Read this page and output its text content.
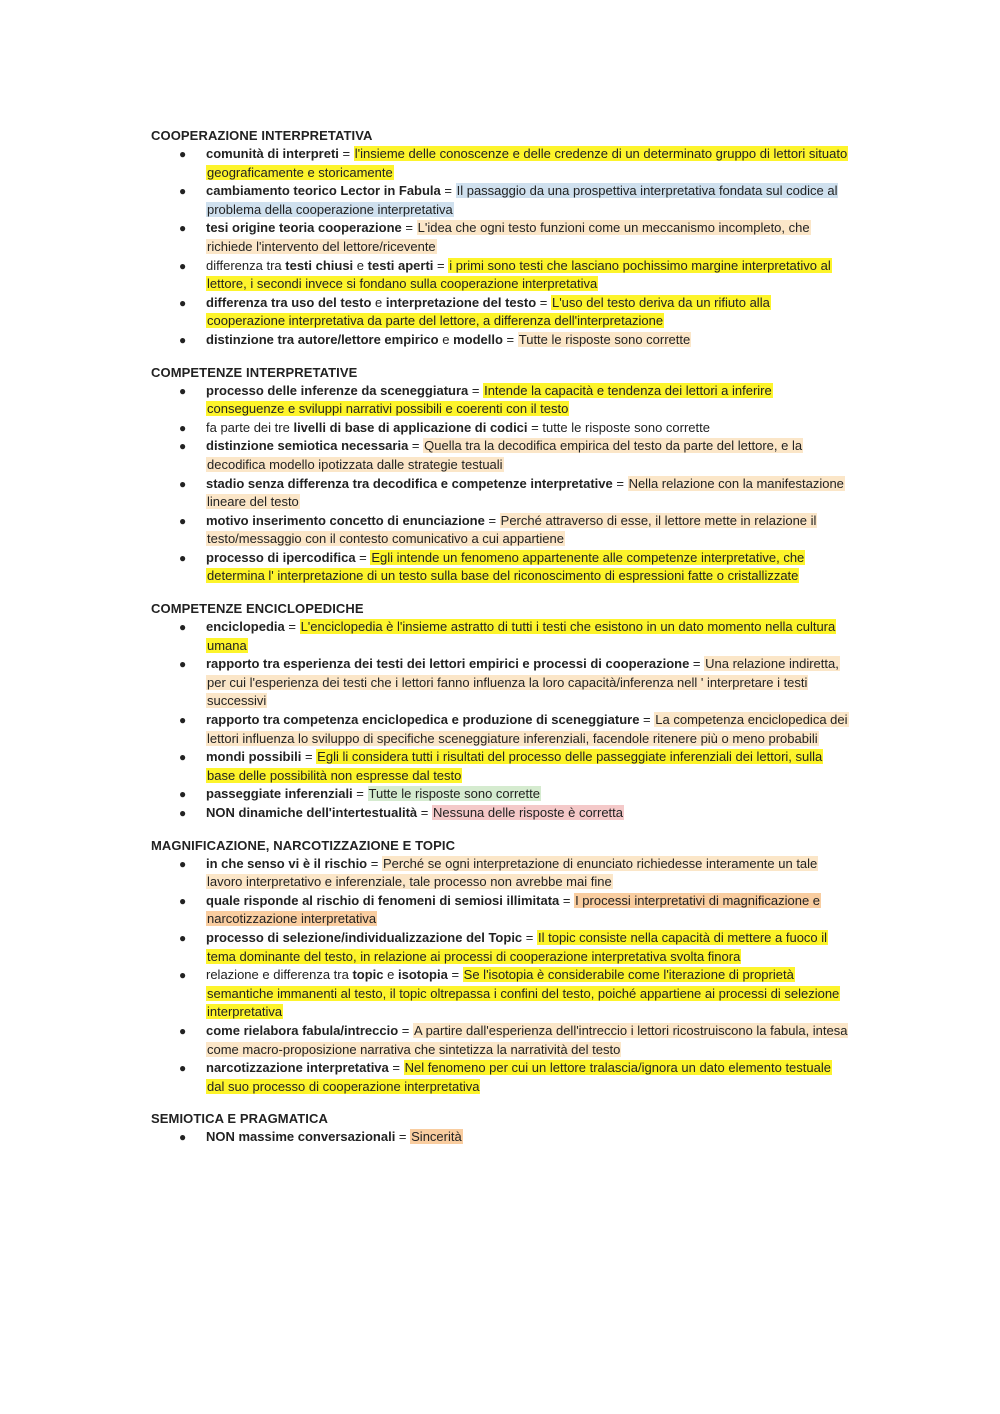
COOPERAZIONE INTERPRETATIVA
● comunità di interpreti = l'insieme delle conoscenze e delle credenze di un determinato gruppo di lettori situato geograficamente e storicamente
● cambiamento teorico Lector in Fabula = Il passaggio da una prospettiva interpretativa fondata sul codice al problema della cooperazione interpretativa
● tesi origine teoria cooperazione = L'idea che ogni testo funzioni come un meccanismo incompleto, che richiede l'intervento del lettore/ricevente
● differenza tra testi chiusi e testi aperti = i primi sono testi che lasciano pochissimo margine interpretativo al lettore, i secondi invece si fondano sulla cooperazione interpretativa
● differenza tra uso del testo e interpretazione del testo = L'uso del testo deriva da un rifiuto alla cooperazione interpretativa da parte del lettore, a differenza dell'interpretazione
● distinzione tra autore/lettore empirico e modello = Tutte le risposte sono corrette
COMPETENZE INTERPRETATIVE
● processo delle inferenze da sceneggiatura = Intende la capacità e tendenza dei lettori a inferire conseguenze e sviluppi narrativi possibili e coerenti con il testo
● fa parte dei tre livelli di base di applicazione di codici = tutte le risposte sono corrette
● distinzione semiotica necessaria = Quella tra la decodifica empirica del testo da parte del lettore, e la decodifica modello ipotizzata dalle strategie testuali
● stadio senza differenza tra decodifica e competenze interpretative = Nella relazione con la manifestazione lineare del testo
● motivo inserimento concetto di enunciazione = Perché attraverso di esse, il lettore mette in relazione il testo/messaggio con il contesto comunicativo a cui appartiene
● processo di ipercodifica = Egli intende un fenomeno appartenente alle competenze interpretative, che determina l' interpretazione di un testo sulla base del riconoscimento di espressioni fatte o cristallizzate
COMPETENZE ENCICLOPEDICHE
● enciclopedia = L'enciclopedia è l'insieme astratto di tutti i testi che esistono in un dato momento nella cultura umana
● rapporto tra esperienza dei testi dei lettori empirici e processi di cooperazione = Una relazione indiretta, per cui l'esperienza dei testi che i lettori fanno influenza la loro capacità/inferenza nell ' interpretare i testi successivi
● rapporto tra competenza enciclopedica e produzione di sceneggiature = La competenza enciclopedica dei lettori influenza lo sviluppo di specifiche sceneggiature inferenziali, facendole ritenere più o meno probabili
● mondi possibili = Egli li considera tutti i risultati del processo delle passeggiate inferenziali dei lettori, sulla base delle possibilità non espresse dal testo
● passeggiate inferenziali = Tutte le risposte sono corrette
● NON dinamiche dell'intertestualità = Nessuna delle risposte è corretta
MAGNIFICAZIONE, NARCOTIZZAZIONE E TOPIC
● in che senso vi è il rischio = Perché se ogni interpretazione di enunciato richiedesse interamente un tale lavoro interpretativo e inferenziale, tale processo non avrebbe mai fine
● quale risponde al rischio di fenomeni di semiosi illimitata = I processi interpretativi di magnificazione e narcotizzazione interpretativa
● processo di selezione/individualizzazione del Topic = Il topic consiste nella capacità di mettere a fuoco il tema dominante del testo, in relazione ai processi di cooperazione interpretativa svolta finora
● relazione e differenza tra topic e isotopia = Se l'isotopia è considerabile come l'iterazione di proprietà semantiche immanenti al testo, il topic oltrepassa i confini del testo, poiché appartiene ai processi di selezione interpretativa
● come rielabora fabula/intreccio = A partire dall'esperienza dell'intreccio i lettori ricostruiscono la fabula, intesa come macro-proposizione narrativa che sintetizza la narratività del testo
● narcotizzazione interpretativa = Nel fenomeno per cui un lettore tralascia/ignora un dato elemento testuale dal suo processo di cooperazione interpretativa
SEMIOTICA E PRAGMATICA
● NON massime conversazionali = Sincerità
